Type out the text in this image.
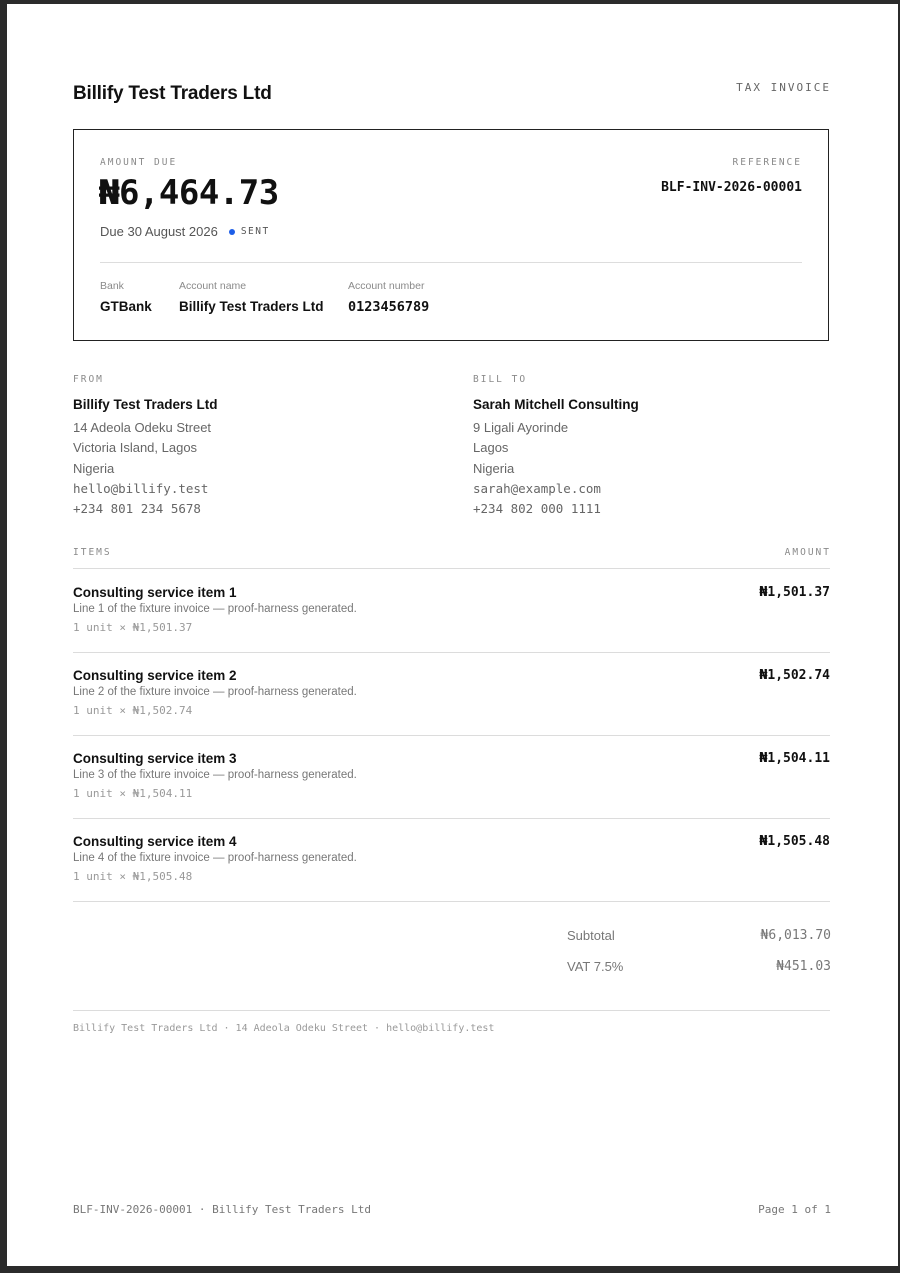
Billify Test Traders Ltd	TAX INVOICE
AMOUNT DUE
₦6,464.73
Due 30 August 2026 SENT
REFERENCE
BLF-INV-2026-00001
Bank
GTBank
Account name
Billify Test Traders Ltd
Account number
0123456789
FROM
Billify Test Traders Ltd
14 Adeola Odeku Street
Victoria Island, Lagos
Nigeria
hello@billify.test
+234 801 234 5678
BILL TO
Sarah Mitchell Consulting
9 Ligali Ayorinde
Lagos
Nigeria
sarah@example.com
+234 802 000 1111
ITEMS	AMOUNT
Consulting service item 1
Line 1 of the fixture invoice — proof-harness generated.
1 unit × ₦1,501.37
₦1,501.37
Consulting service item 2
Line 2 of the fixture invoice — proof-harness generated.
1 unit × ₦1,502.74
₦1,502.74
Consulting service item 3
Line 3 of the fixture invoice — proof-harness generated.
1 unit × ₦1,504.11
₦1,504.11
Consulting service item 4
Line 4 of the fixture invoice — proof-harness generated.
1 unit × ₦1,505.48
₦1,505.48
Subtotal	₦6,013.70
VAT 7.5%	₦451.03
Billify Test Traders Ltd · 14 Adeola Odeku Street · hello@billify.test
BLF-INV-2026-00001 · Billify Test Traders Ltd	Page 1 of 1
